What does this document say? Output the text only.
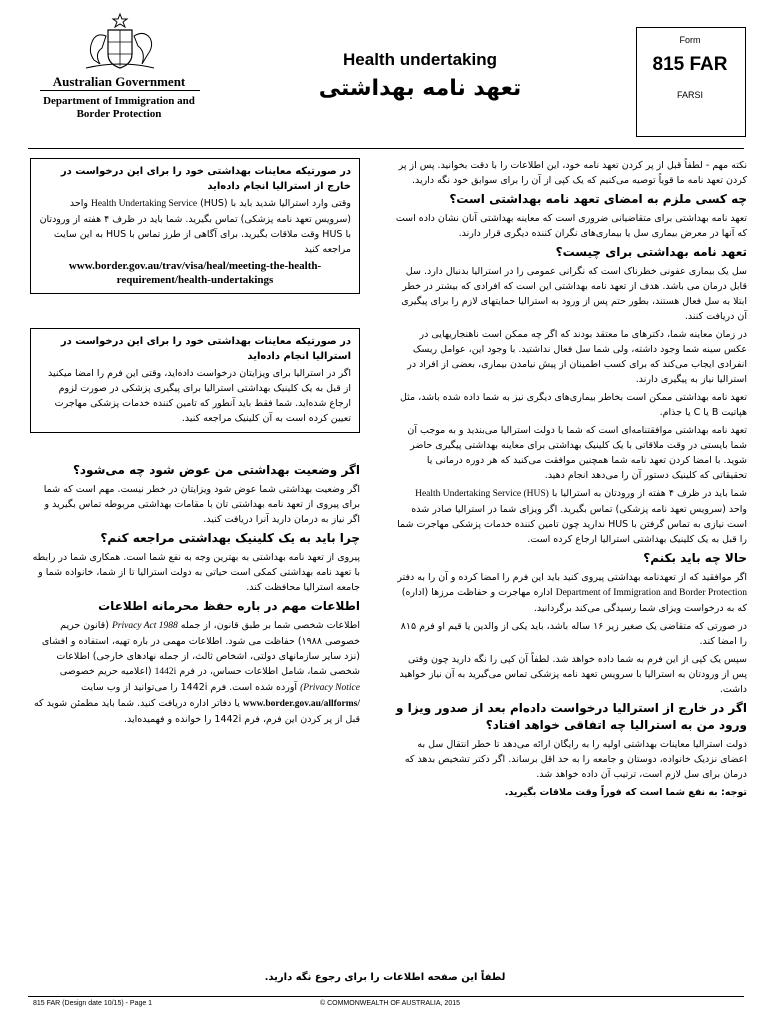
Australian Government
Department of Immigration and Border Protection
Health undertaking
تعهد نامه بهداشتی
Form
815 FAR
FARSI

نکته مهم - لطفاً قبل از پر کردن تعهد نامه خود، این اطلاعات را با دقت بخوانید. پس از پر کردن تعهد نامه ما قویاً توصیه می‌کنیم که یک کپی از آن را برای سوابق خود نگه دارید.

چه کسی ملزم به امضای تعهد نامه بهداشتی است؟

تعهد نامه بهداشتی برای متقاضیانی ضروری است که معاینه بهداشتی آنان نشان داده است که آنها در معرض بیماری سل یا بیماری‌های نگران کننده دیگری قرار دارند.

تعهد نامه بهداشتی برای چیست؟

سل یک بیماری عفونی خطرناک است که نگرانی عمومی را در استرالیا بدنبال دارد. سل قابل درمان می باشد. هدف از تعهد نامه بهداشتی این است که افرادی که بیشتر در خطر ابتلا به سل فعال هستند، بطور حتم پس از ورود به استرالیا حمایتهای لازم را برای پیگیری آن دریافت کنند.

در زمان معاینه شما، دکترهای ما معتقد بودند که اگر چه ممکن است ناهنجاریهایی در عکس سینه شما وجود داشته، ولی شما سل فعال نداشتید. با وجود این، عوامل ریسک انفرادی ایجاب می‌کند که برای کسب اطمینان از پیش نیامدن بیماری، بعضی از افراد در استرالیا نیاز به پیگیری دارند.

تعهد نامه بهداشتی ممکن است بخاطر بیماری‌های دیگری نیز به شما داده شده باشد، مثل هپاتیت B یا C یا جذام.

تعهد نامه بهداشتی موافقتنامه‌ای است که شما با دولت استرالیا می‌بندید و به موجب آن شما بایستی در وقت ملاقاتی با یک کلینیک بهداشتی برای معاینه بهداشتی پیگیری حاضر شوید. با امضا کردن تعهد نامه شما همچنین موافقت می‌کنید که هر دوره درمانی یا تحقیقاتی که کلینیک دستور آن را می‌دهد انجام دهید.

شما باید در ظرف ۴ هفته از ورودتان به استرالیا با Health Undertaking Service (HUS) واحد (سرویس تعهد نامه پزشکی) تماس بگیرید. اگر ویزای شما در استرالیا صادر شده است نیازی به تماس گرفتن با HUS ندارید چون تامین کننده خدمات پزشکی مهاجرت شما را قبل به یک کلینیک بهداشتی استرالیا ارجاع کرده است.

حالا چه باید بکنم؟

اگر موافقید که از تعهدنامه بهداشتی پیروی کنید باید این فرم را امضا کرده و آن را به دفتر Department of Immigration and Border Protection اداره مهاجرت و حفاظت مرزها (اداره) که به درخواست ویزای شما رسیدگی می‌کند برگردانید.

در صورتی که متقاضی یک صغیر زیر ۱۶ ساله باشد، باید یکی از والدین یا قیم او فرم ۸۱۵ را امضا کند.

سپس یک کپی از این فرم به شما داده خواهد شد. لطفاً آن کپی را نگه دارید چون وقتی پس از ورودتان به استرالیا با سرویس تعهد نامه پزشکی تماس می‌گیرید به آن نیاز خواهید داشت.

اگر در خارج از استرالیا درخواست داده‌ام بعد از صدور ویزا و ورود من به استرالیا چه اتفاقی خواهد افتاد؟

دولت استرالیا معاینات بهداشتی اولیه را به رایگان ارائه می‌دهد تا خطر انتقال سل به اعضای نزدیک خانواده، دوستان و جامعه را به حد اقل برساند. اگر دکتر تشخیص بدهد که درمان برای سل لازم است، ترتیب آن داده خواهد شد.

توجه: به نفع شما است که فوراً وقت ملاقات بگیرید.

در صورتیکه معاینات بهداشتی خود را برای این درخواست در خارج از استرالیا انجام داده‌اید

وقتی وارد استرالیا شدید باید با Health Undertaking Service (HUS) واحد (سرویس تعهد نامه پزشکی) تماس بگیرید. شما باید در ظرف ۴ هفته از ورودتان با HUS وقت ملاقات بگیرید. برای آگاهی از طرز تماس با HUS به این سایت مراجعه کنید

www.border.gov.au/trav/visa/heal/meeting-the-health-requirement/health-undertakings
در صورتیکه معاینات بهداشتی خود را برای این درخواست در استرالیا انجام داده‌اید

اگر در استرالیا برای ویزایتان درخواست داده‌اید، وقتی این فرم را امضا میکنید از قبل به یک کلینیک بهداشتی استرالیا برای پیگیری پزشکی در صورت لزوم ارجاع شده‌اید. شما فقط باید آنطور که تامین کننده خدمات پزشکی مهاجرت تعیین کرده است به آن کلینیک مراجعه کنید.

اگر وضعیت بهداشتی من عوض شود چه می‌شود؟

اگر وضعیت بهداشتی شما عوض شود ویزایتان در خطر نیست. مهم است که شما برای پیروی از تعهد نامه بهداشتی تان با مقامات بهداشتی مربوطه تماس بگیرید و اگر نیاز به درمان دارید آنرا دریافت کنید.

چرا باید به یک کلینیک بهداشتی مراجعه کنم؟

پیروی از تعهد نامه بهداشتی به بهترین وجه به نفع شما است. همکاری شما در رابطه با تعهد نامه بهداشتی کمکی است حیاتی به دولت استرالیا تا از شما، خانواده شما و جامعه استرالیا محافظت کند.

اطلاعات مهم در باره حفظ محرمانه اطلاعات

اطلاعات شخصی شما بر طبق قانون، از جمله Privacy Act 1988 (قانون حریم خصوصی ۱۹۸۸) حفاظت می شود. اطلاعات مهمی در باره تهیه، استفاده و افشای (نزد سایر سازمانهای دولتی، اشخاص ثالث، از جمله نهادهای خارجی) اطلاعات شخصی شما، شامل اطلاعات حساس، در فرم 1442i (اعلامیه حریم خصوصی (Privacy Notice آورده شده است. فرم 1442i را می‌توانید از وب سایت www.border.gov.au/allforms/ یا دفاتر اداره دریافت کنید. شما باید مطمئن شوید که قبل از پر کردن این فرم، فرم 1442i را خوانده و فهمیده‌اید.

لطفاً این صفحه اطلاعات را برای رجوع نگه دارید.
815 FAR (Design date 10/15) - Page 1	© COMMONWEALTH OF AUSTRALIA, 2015
